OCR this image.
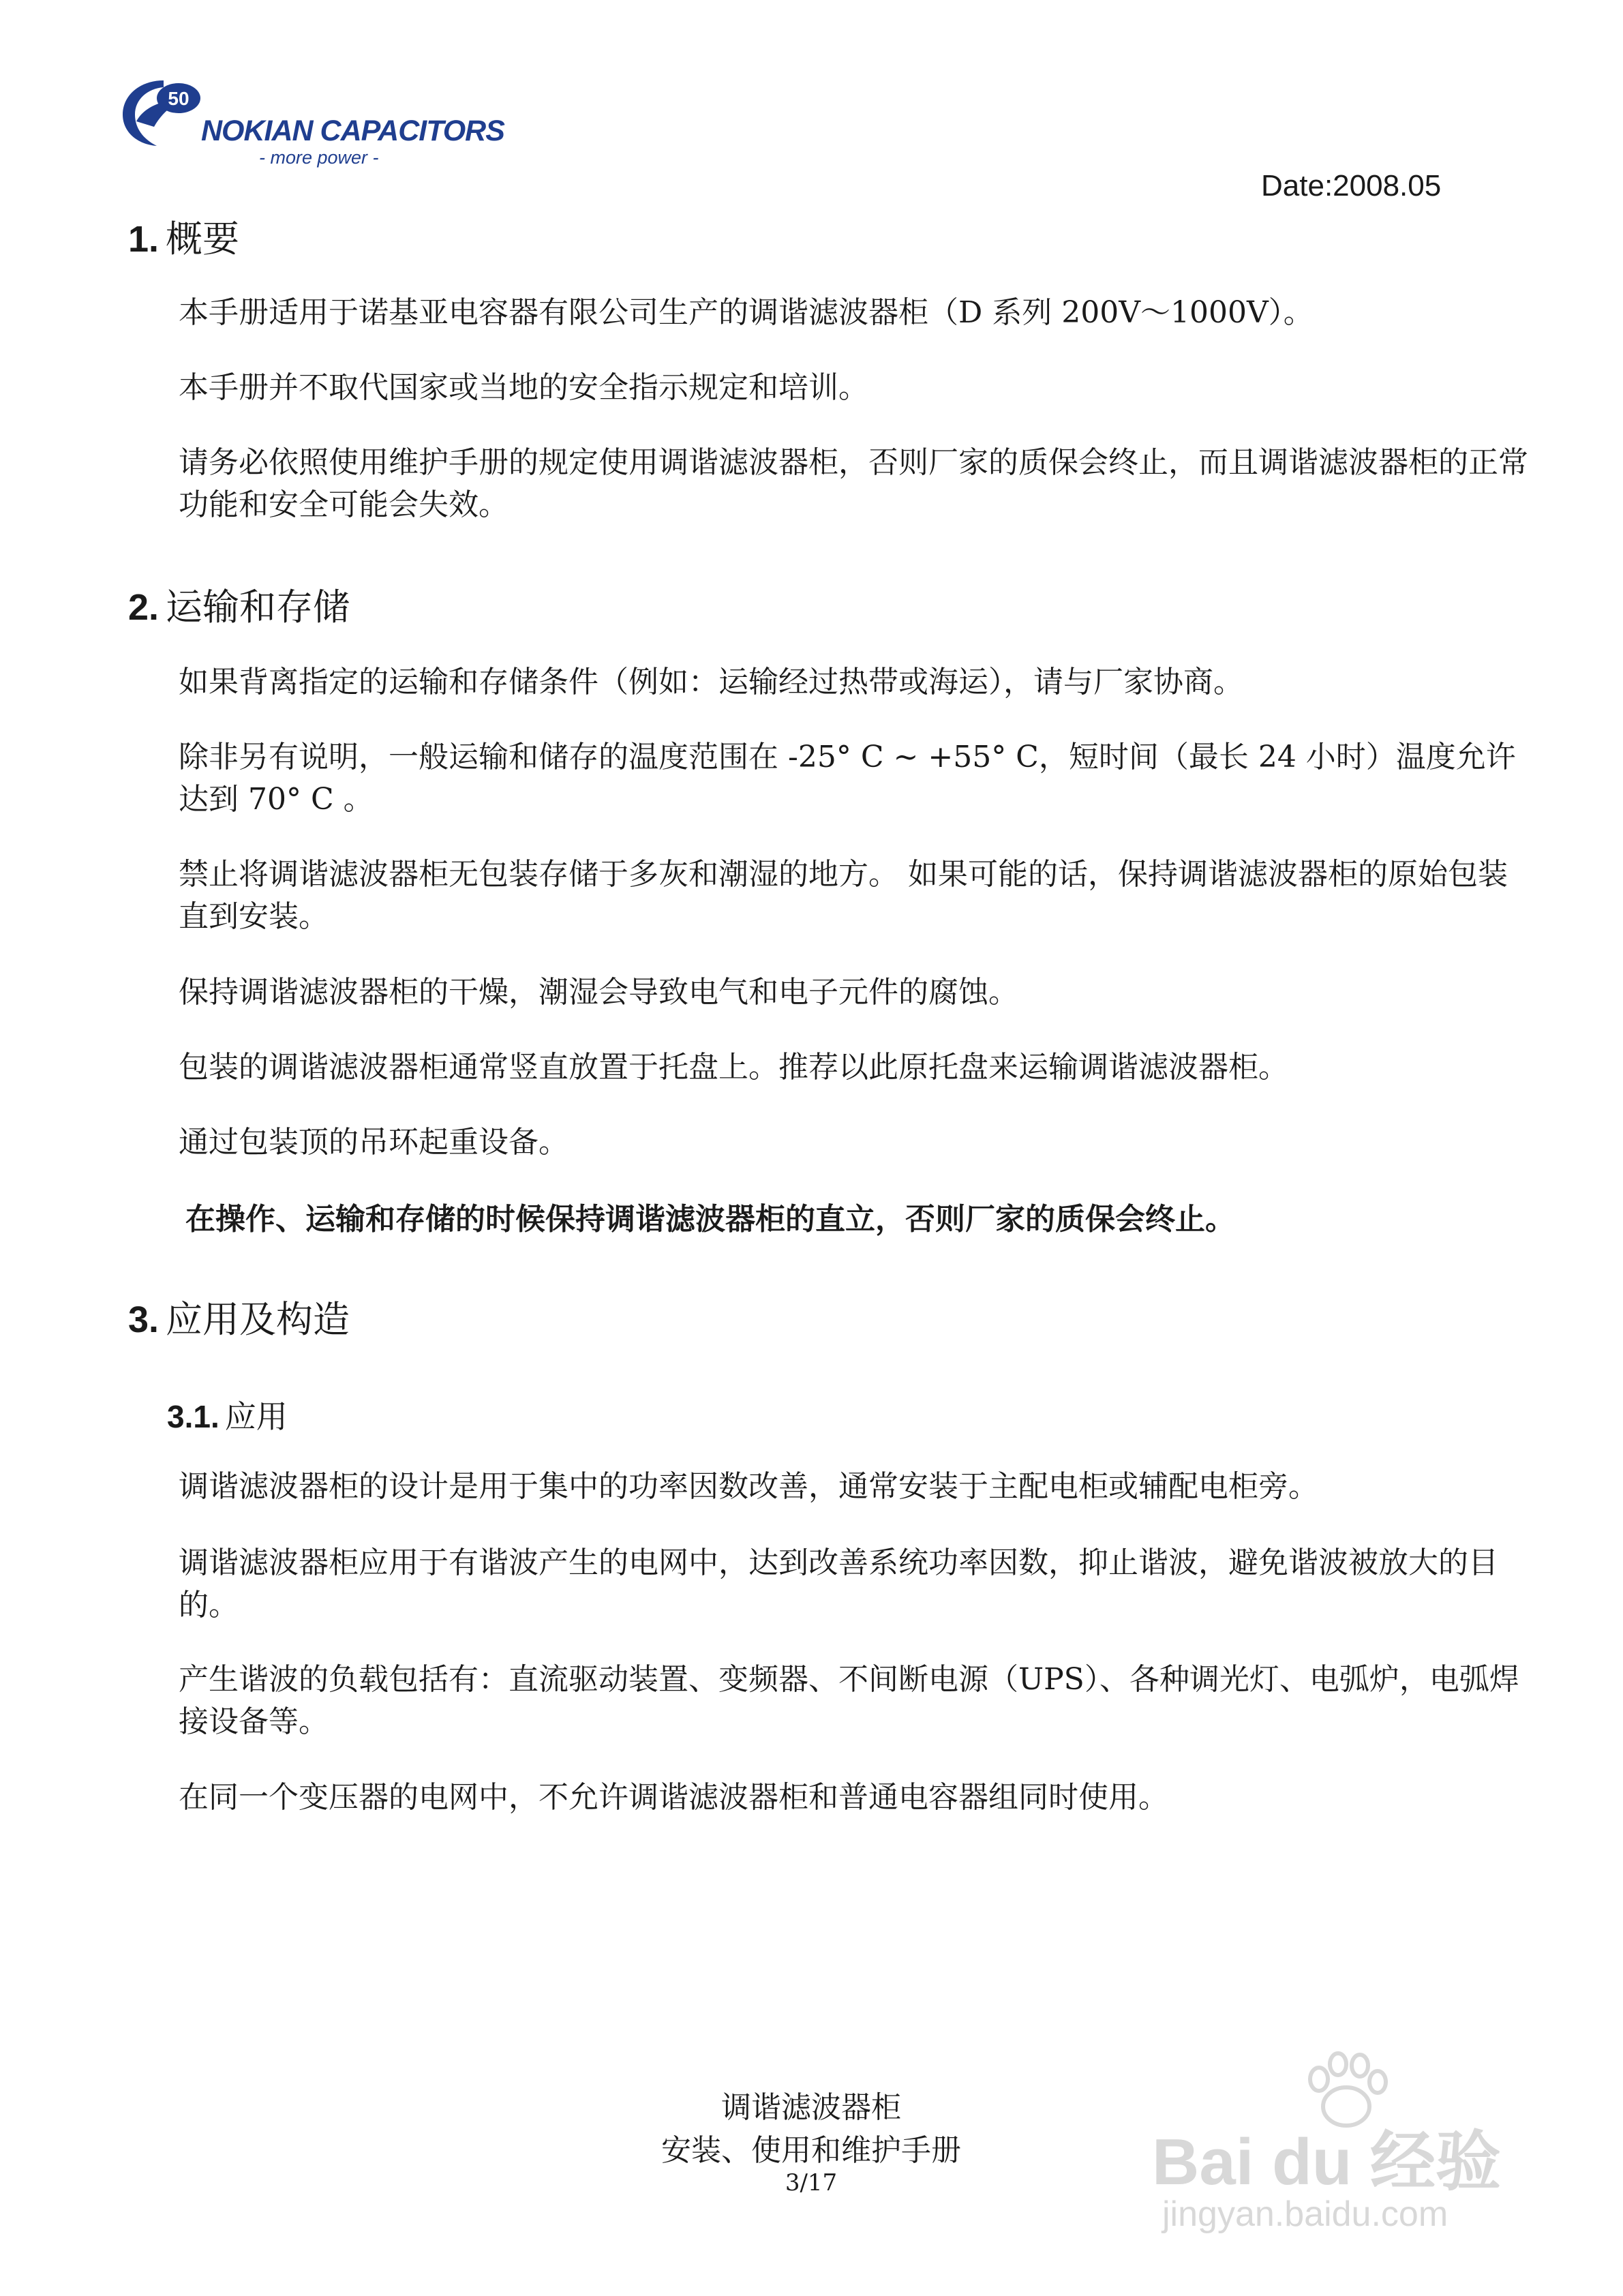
50
NOKIAN CAPACITORS
- more power -
Date:2008.05
1. 概要
本手册适用于诺基亚电容器有限公司生产的调谐滤波器柜（D 系列 200V～1000V）。
本手册并不取代国家或当地的安全指示规定和培训。
请务必依照使用维护手册的规定使用调谐滤波器柜，否则厂家的质保会终止，而且调谐滤波器柜的正常功能和安全可能会失效。
2. 运输和存储
如果背离指定的运输和存储条件（例如：运输经过热带或海运），请与厂家协商。
除非另有说明，一般运输和储存的温度范围在 -25° C ~ +55° C，短时间（最长 24 小时）温度允许达到 70° C 。
禁止将调谐滤波器柜无包装存储于多灰和潮湿的地方。 如果可能的话，保持调谐滤波器柜的原始包装直到安装。
保持调谐滤波器柜的干燥，潮湿会导致电气和电子元件的腐蚀。
包装的调谐滤波器柜通常竖直放置于托盘上。推荐以此原托盘来运输调谐滤波器柜。
通过包装顶的吊环起重设备。
在操作、运输和存储的时候保持调谐滤波器柜的直立，否则厂家的质保会终止。
3. 应用及构造
3.1. 应用
调谐滤波器柜的设计是用于集中的功率因数改善，通常安装于主配电柜或辅配电柜旁。
调谐滤波器柜应用于有谐波产生的电网中，达到改善系统功率因数，抑止谐波，避免谐波被放大的目的。
产生谐波的负载包括有：直流驱动装置、变频器、不间断电源（UPS）、各种调光灯、电弧炉，电弧焊接设备等。
在同一个变压器的电网中，不允许调谐滤波器柜和普通电容器组同时使用。
调谐滤波器柜
安装、使用和维护手册
3/17	Bai du 经验
jingyan.baidu.com
